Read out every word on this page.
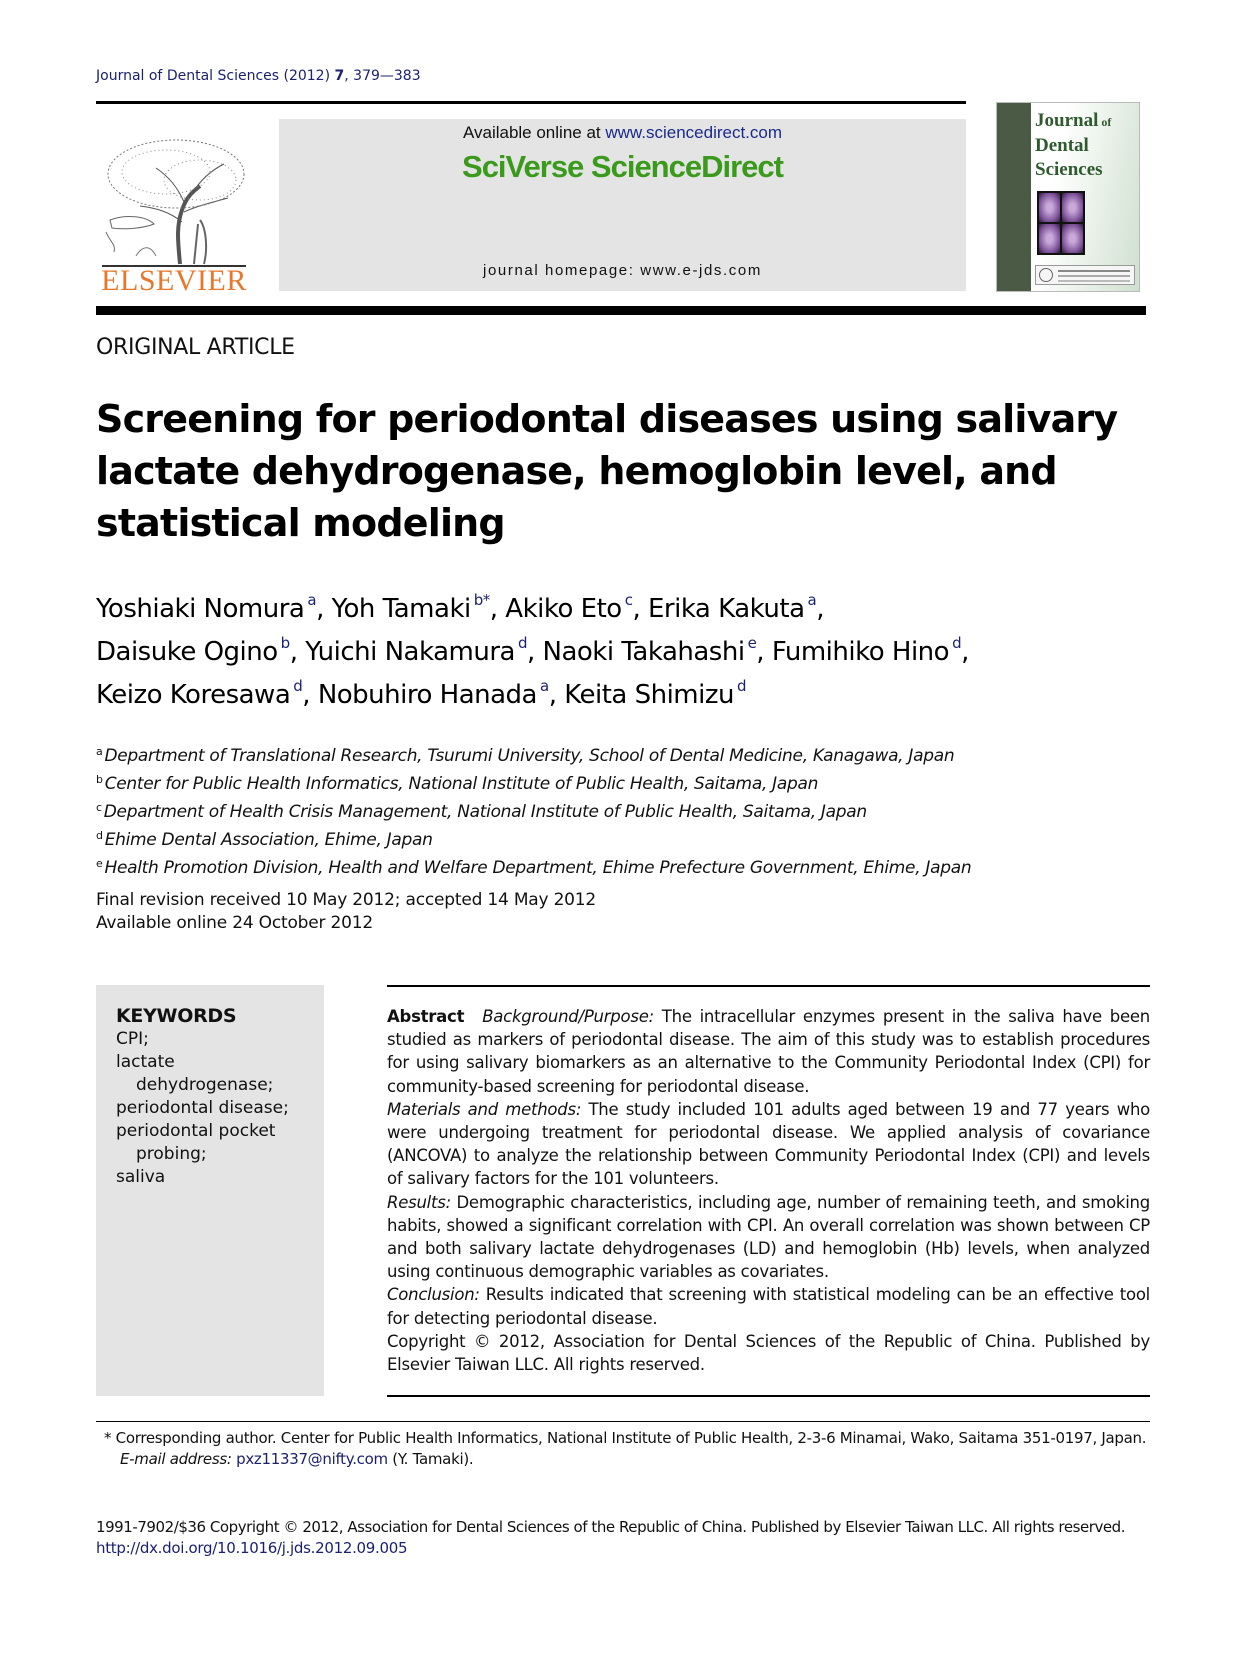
Journal of Dental Sciences (2012) 7, 379—383
ELSEVIER
Available online at www.sciencedirect.com
SciVerse ScienceDirect
journal homepage: www.e-jds.com
Journal of
Dental
Sciences
ORIGINAL ARTICLE
Screening for periodontal diseases using salivary lactate dehydrogenase, hemoglobin level, and statistical modeling
Yoshiaki Nomura $^a$, Yoh Tamaki $^{b*}$, Akiko Eto $^c$, Erika Kakuta $^a$,
Daisuke Ogino $^b$, Yuichi Nakamura $^d$, Naoki Takahashi $^e$, Fumihiko Hino $^d$,
Keizo Koresawa $^d$, Nobuhiro Hanada $^a$, Keita Shimizu $^d$
$^a$ Department of Translational Research, Tsurumi University, School of Dental Medicine, Kanagawa, Japan
$^b$ Center for Public Health Informatics, National Institute of Public Health, Saitama, Japan
$^c$ Department of Health Crisis Management, National Institute of Public Health, Saitama, Japan
$^d$ Ehime Dental Association, Ehime, Japan
$^e$ Health Promotion Division, Health and Welfare Department, Ehime Prefecture Government, Ehime, Japan
Final revision received 10 May 2012; accepted 14 May 2012
Available online 24 October 2012
KEYWORDS
CPI;
lactate
dehydrogenase;
periodontal disease;
periodontal pocket
probing;
saliva

Abstract Background/Purpose: The intracellular enzymes present in the saliva have been studied as markers of periodontal disease. The aim of this study was to establish procedures for using salivary biomarkers as an alternative to the Community Periodontal Index (CPI) for community-based screening for periodontal disease.

Materials and methods: The study included 101 adults aged between 19 and 77 years who were undergoing treatment for periodontal disease. We applied analysis of covariance (ANCOVA) to analyze the relationship between Community Periodontal Index (CPI) and levels of salivary factors for the 101 volunteers.

Results: Demographic characteristics, including age, number of remaining teeth, and smoking habits, showed a significant correlation with CPI. An overall correlation was shown between CP and both salivary lactate dehydrogenases (LD) and hemoglobin (Hb) levels, when analyzed using continuous demographic variables as covariates.

Conclusion: Results indicated that screening with statistical modeling can be an effective tool for detecting periodontal disease.

Copyright © 2012, Association for Dental Sciences of the Republic of China. Published by Elsevier Taiwan LLC. All rights reserved.

* Corresponding author. Center for Public Health Informatics, National Institute of Public Health, 2-3-6 Minamai, Wako, Saitama 351-0197, Japan.
E-mail address: pxz11337@nifty.com (Y. Tamaki).
1991-7902/$36 Copyright © 2012, Association for Dental Sciences of the Republic of China. Published by Elsevier Taiwan LLC. All rights reserved.
http://dx.doi.org/10.1016/j.jds.2012.09.005
